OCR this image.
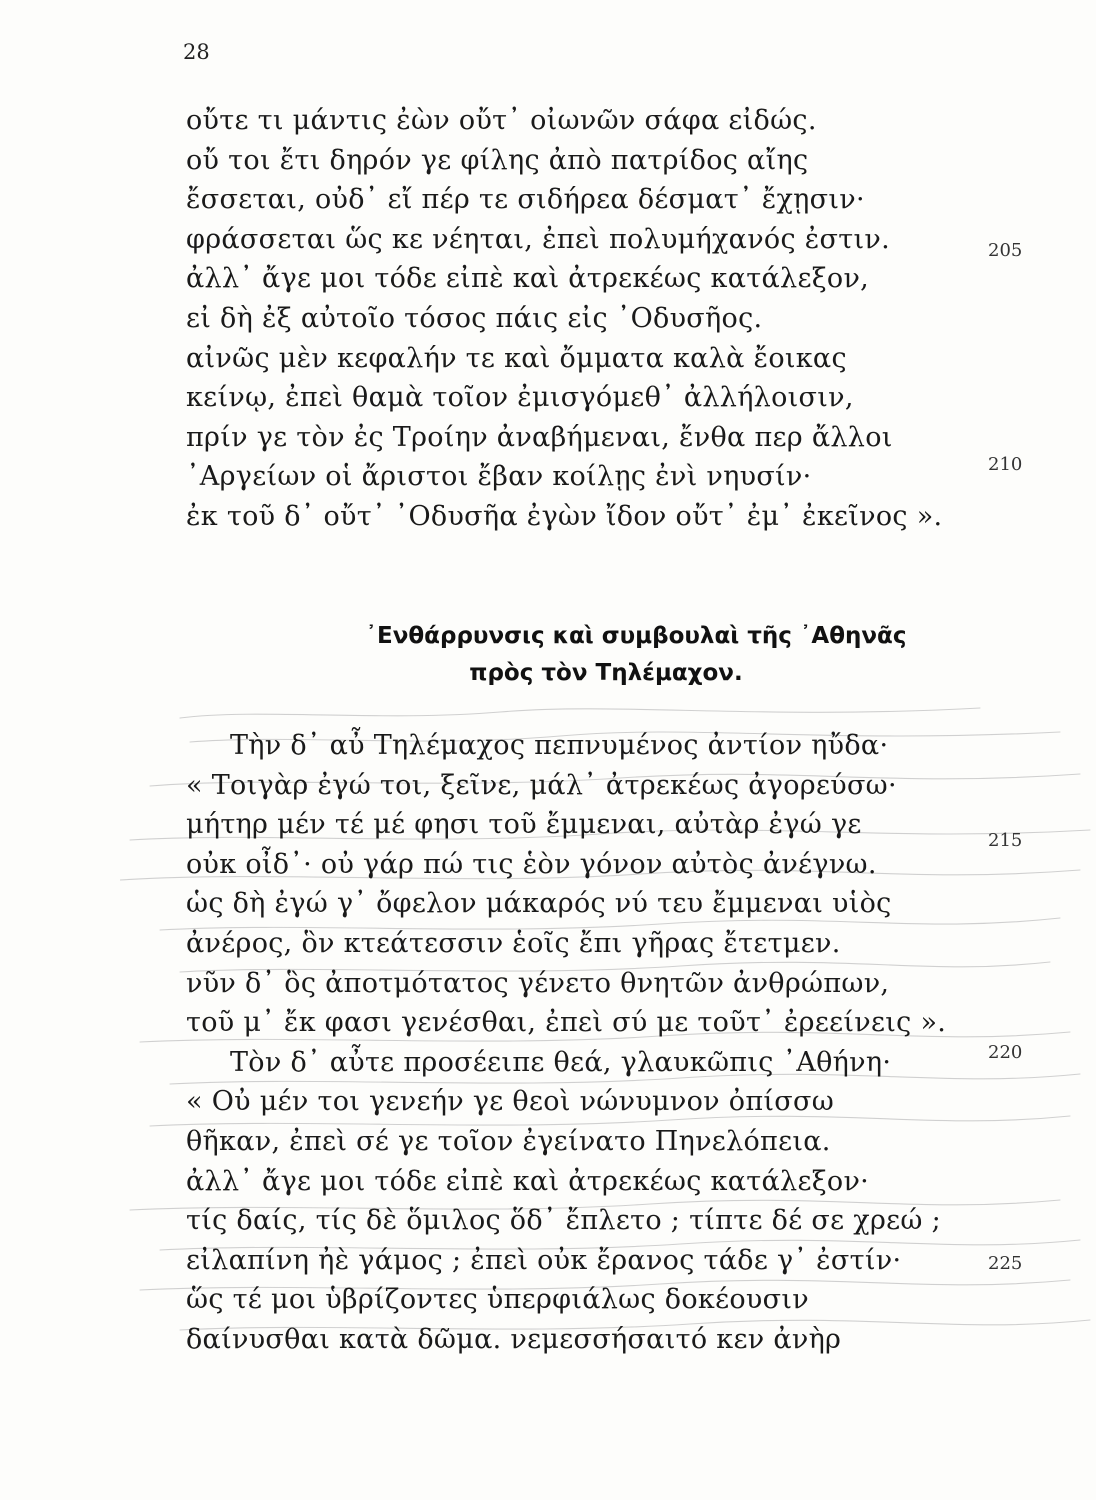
28
οὔτε τι μάντις ἐὼν οὔτ᾽ οἰωνῶν σάφα εἰδώς.
οὔ τοι ἔτι δηρόν γε φίλης ἀπὸ πατρίδος αἴης
ἔσσεται, οὐδ᾽ εἴ πέρ τε σιδήρεα δέσματ᾽ ἔχῃσιν·
φράσσεται ὥς κε νέηται, ἐπεὶ πολυμήχανός ἐστιν.
ἀλλ᾽ ἄγε μοι τόδε εἰπὲ καὶ ἀτρεκέως κατάλεξον,
εἰ δὴ ἐξ αὐτοῖο τόσος πάις εἰς ᾽Οδυσῆος.
αἰνῶς μὲν κεφαλήν τε καὶ ὄμματα καλὰ ἔοικας
κείνῳ, ἐπεὶ θαμὰ τοῖον ἐμισγόμεθ᾽ ἀλλήλοισιν,
πρίν γε τὸν ἐς Τροίην ἀναβήμεναι, ἔνθα περ ἄλλοι
᾽Αργείων οἱ ἄριστοι ἔβαν κοίλῃς ἐνὶ νηυσίν·
ἐκ τοῦ δ᾽ οὔτ᾽ ᾽Οδυσῆα ἐγὼν ἴδον οὔτ᾽ ἐμ᾽ ἐκεῖνος ».
205
210
᾽Ενθάρρυνσις καὶ συμβουλαὶ τῆς ᾽Αθηνᾶς
πρὸς τὸν Τηλέμαχον.
Τὴν δ᾽ αὖ Τηλέμαχος πεπνυμένος ἀντίον ηὔδα·
« Τοιγὰρ ἐγώ τοι, ξεῖνε, μάλ᾽ ἀτρεκέως ἀγορεύσω·
μήτηρ μέν τέ μέ φησι τοῦ ἔμμεναι, αὐτὰρ ἐγώ γε
οὐκ οἶδ᾽· οὐ γάρ πώ τις ἑὸν γόνον αὐτὸς ἀνέγνω.
ὡς δὴ ἐγώ γ᾽ ὄφελον μάκαρός νύ τευ ἔμμεναι υἱὸς
ἀνέρος, ὃν κτεάτεσσιν ἑοῖς ἔπι γῆρας ἔτετμεν.
νῦν δ᾽ ὃς ἀποτμότατος γένετο θνητῶν ἀνθρώπων,
τοῦ μ᾽ ἔκ φασι γενέσθαι, ἐπεὶ σύ με τοῦτ᾽ ἐρεείνεις ».
Τὸν δ᾽ αὖτε προσέειπε θεά, γλαυκῶπις ᾽Αθήνη·
« Οὐ μέν τοι γενεήν γε θεοὶ νώνυμνον ὀπίσσω
θῆκαν, ἐπεὶ σέ γε τοῖον ἐγείνατο Πηνελόπεια.
ἀλλ᾽ ἄγε μοι τόδε εἰπὲ καὶ ἀτρεκέως κατάλεξον·
τίς δαίς, τίς δὲ ὅμιλος ὅδ᾽ ἔπλετο ; τίπτε δέ σε χρεώ ;
εἰλαπίνη ἠὲ γάμος ; ἐπεὶ οὐκ ἔρανος τάδε γ᾽ ἐστίν·
ὥς τέ μοι ὑβρίζοντες ὑπερφιάλως δοκέουσιν
δαίνυσθαι κατὰ δῶμα. νεμεσσήσαιτό κεν ἀνὴρ
215
220
225
